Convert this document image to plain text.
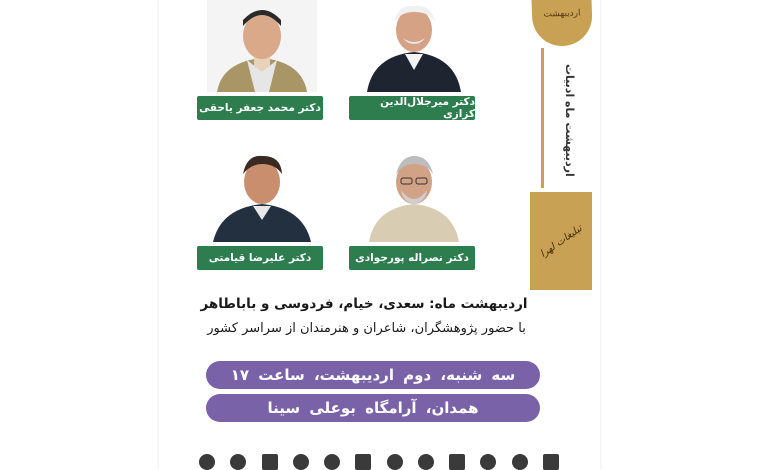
اردیبهشت
اردیبهشت ماه ادبیات
تبلیغات لهرا
دکتر محمد جعفر یاحقی	دکتر میرجلال‌الدین کزازی
دکتر علیرضا قیامتی	دکتر نصراله پورجوادی
اردیبهشت ماه: سعدی، خیام، فردوسی و باباطاهر
با حضور پژوهشگران، شاعران و هنرمندان از سراسر کشور
سه شنبه، دوم اردیبهشت، ساعت ۱۷
همدان، آرامگاه بوعلی سینا
